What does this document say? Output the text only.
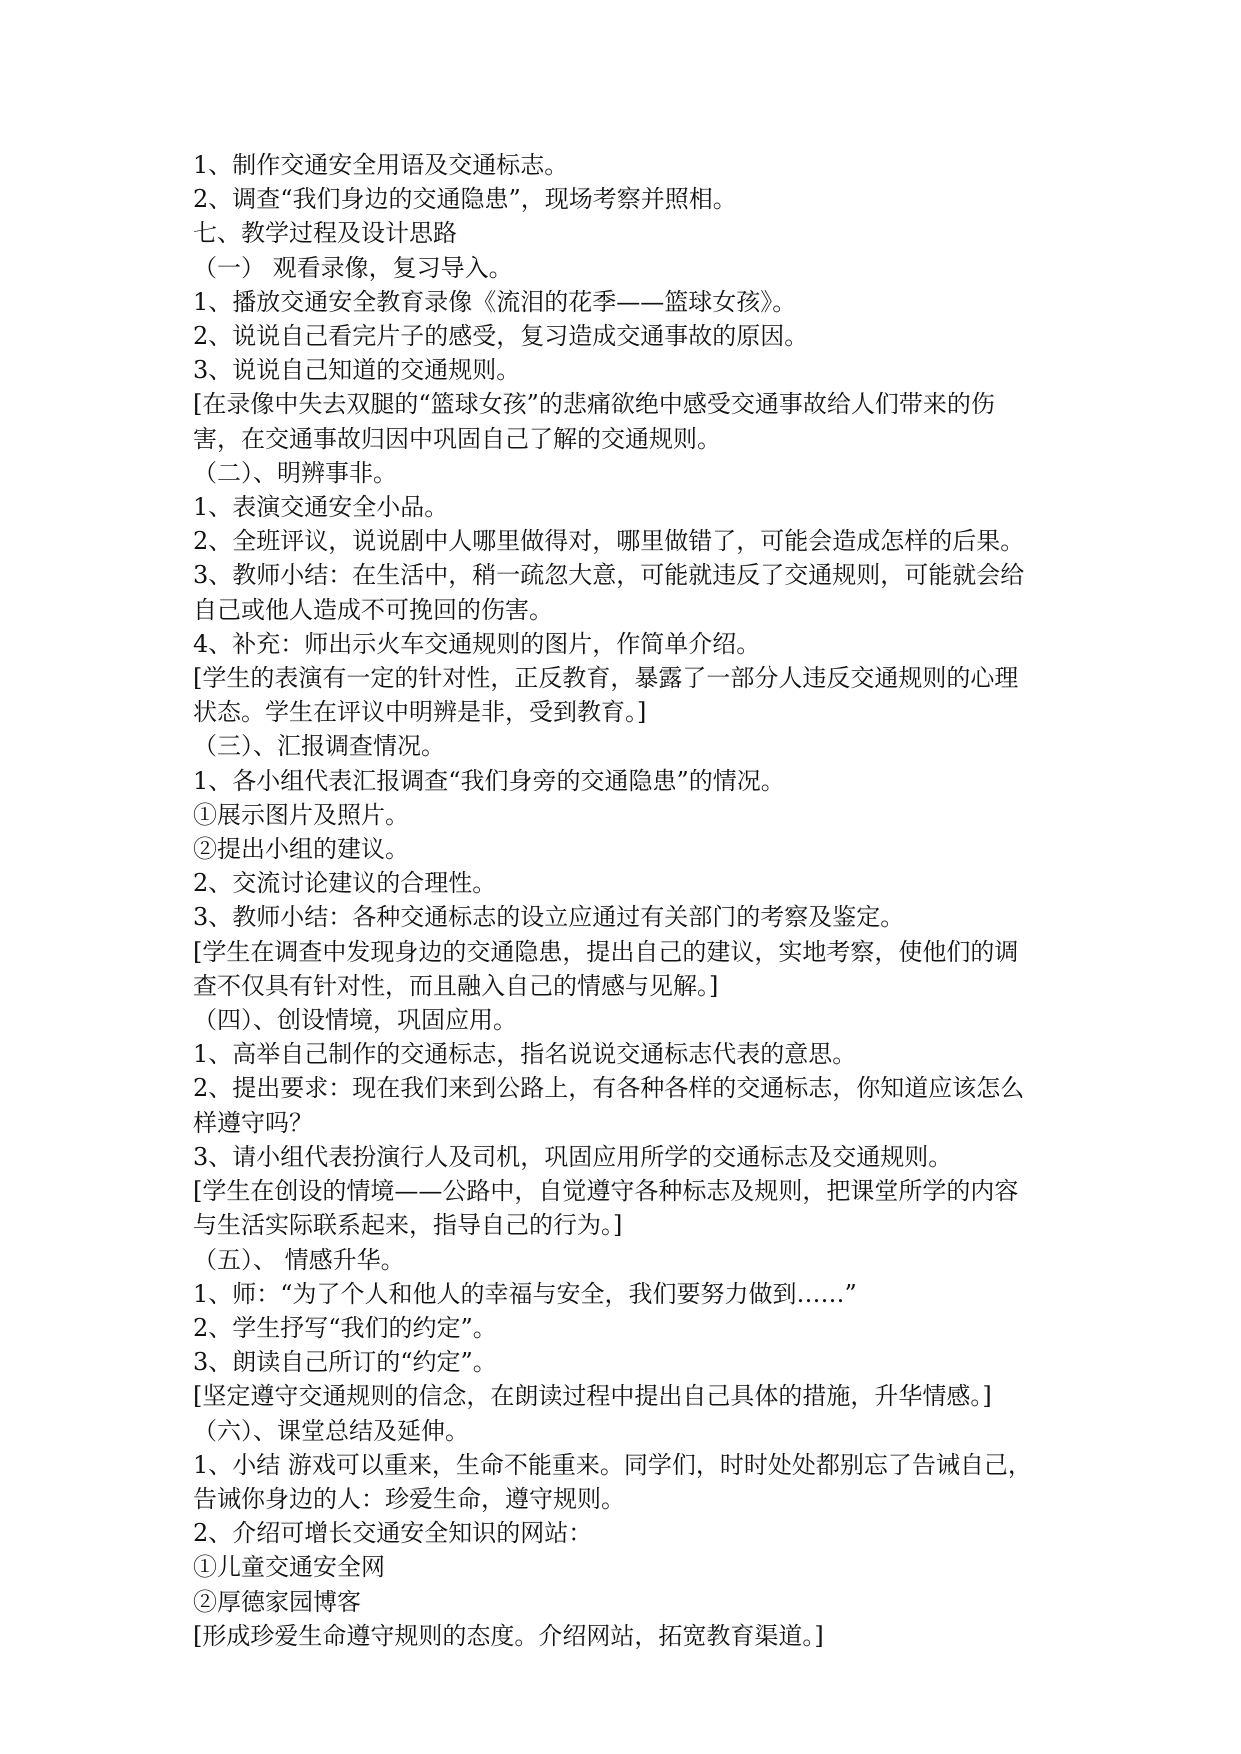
1、制作交通安全用语及交通标志。

2、调查“我们身边的交通隐患”，现场考察并照相。

七、教学过程及设计思路

（一） 观看录像，复习导入。

1、播放交通安全教育录像《流泪的花季——篮球女孩》。

2、说说自己看完片子的感受，复习造成交通事故的原因。

3、说说自己知道的交通规则。

[在录像中失去双腿的“篮球女孩”的悲痛欲绝中感受交通事故给人们带来的伤

害，在交通事故归因中巩固自己了解的交通规则。

（二）、明辨事非。

1、表演交通安全小品。

2、全班评议，说说剧中人哪里做得对，哪里做错了，可能会造成怎样的后果。

3、教师小结：在生活中，稍一疏忽大意，可能就违反了交通规则，可能就会给

自己或他人造成不可挽回的伤害。

4、补充：师出示火车交通规则的图片，作简单介绍。

[学生的表演有一定的针对性，正反教育，暴露了一部分人违反交通规则的心理

状态。学生在评议中明辨是非，受到教育。]

（三）、汇报调查情况。

1、各小组代表汇报调查“我们身旁的交通隐患”的情况。

①展示图片及照片。

②提出小组的建议。

2、交流讨论建议的合理性。

3、教师小结：各种交通标志的设立应通过有关部门的考察及鉴定。

[学生在调查中发现身边的交通隐患，提出自己的建议，实地考察，使他们的调

查不仅具有针对性，而且融入自己的情感与见解。]

（四）、创设情境，巩固应用。

1、高举自己制作的交通标志，指名说说交通标志代表的意思。

2、提出要求：现在我们来到公路上，有各种各样的交通标志，你知道应该怎么

样遵守吗？

3、请小组代表扮演行人及司机，巩固应用所学的交通标志及交通规则。

[学生在创设的情境——公路中，自觉遵守各种标志及规则，把课堂所学的内容

与生活实际联系起来，指导自己的行为。]

（五）、 情感升华。

1、师：“为了个人和他人的幸福与安全，我们要努力做到……”

2、学生抒写“我们的约定”。

3、朗读自己所订的“约定”。

[坚定遵守交通规则的信念，在朗读过程中提出自己具体的措施，升华情感。]

（六）、课堂总结及延伸。

1、小结 游戏可以重来，生命不能重来。同学们，时时处处都别忘了告诫自己，

告诫你身边的人：珍爱生命，遵守规则。

2、介绍可增长交通安全知识的网站：

①儿童交通安全网

②厚德家园博客

[形成珍爱生命遵守规则的态度。介绍网站，拓宽教育渠道。]
